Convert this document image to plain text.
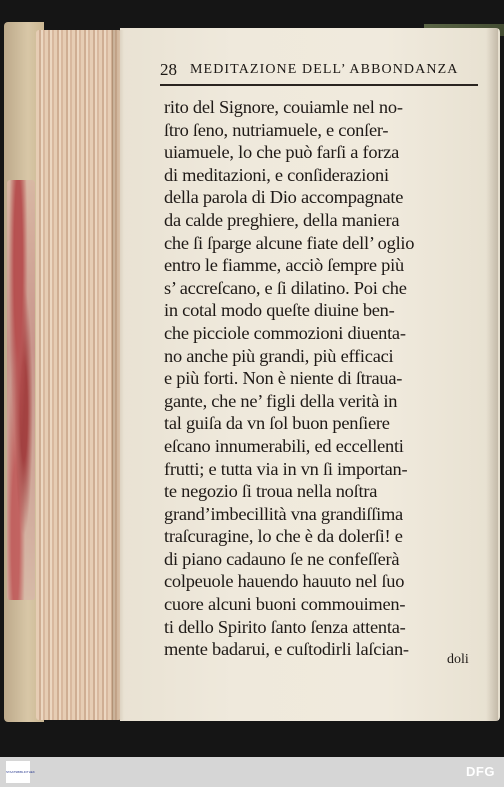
28 MEDITAZIONE DELL’ ABBONDANZA
rito del Signore, couiamle nel no-
ſtro ſeno, nutriamuele, e conſer-
uiamuele, lo che può farſi a forza
di meditazioni, e conſiderazioni
della parola di Dio accompagnate
da calde preghiere, della maniera
che ſi ſparge alcune fiate dell’ oglio
entro le fiamme, acciò ſempre più
s’ accreſcano, e ſi dilatino. Poi che
in cotal modo queſte diuine ben-
che picciole commozioni diuenta-
no anche più grandi, più efficaci
e più forti. Non è niente di ſtraua-
gante, che ne’ figli della verità in
tal guiſa da vn ſol buon penſiere
eſcano innumerabili, ed eccellenti
frutti; e tutta via in vn ſi importan-
te negozio ſi troua nella noſtra
grand’imbecillità vna grandiſſima
traſcuragine, lo che è da dolerſi! e
di piano cadauno ſe ne confeſſerà
colpeuole hauendo hauuto nel ſuo
cuore alcuni buoni commouimen-
ti dello Spirito ſanto ſenza attenta-
mente badarui, e cuſtodirli laſcian-
doli
STAATSBIBLIOTHEK	DFG
